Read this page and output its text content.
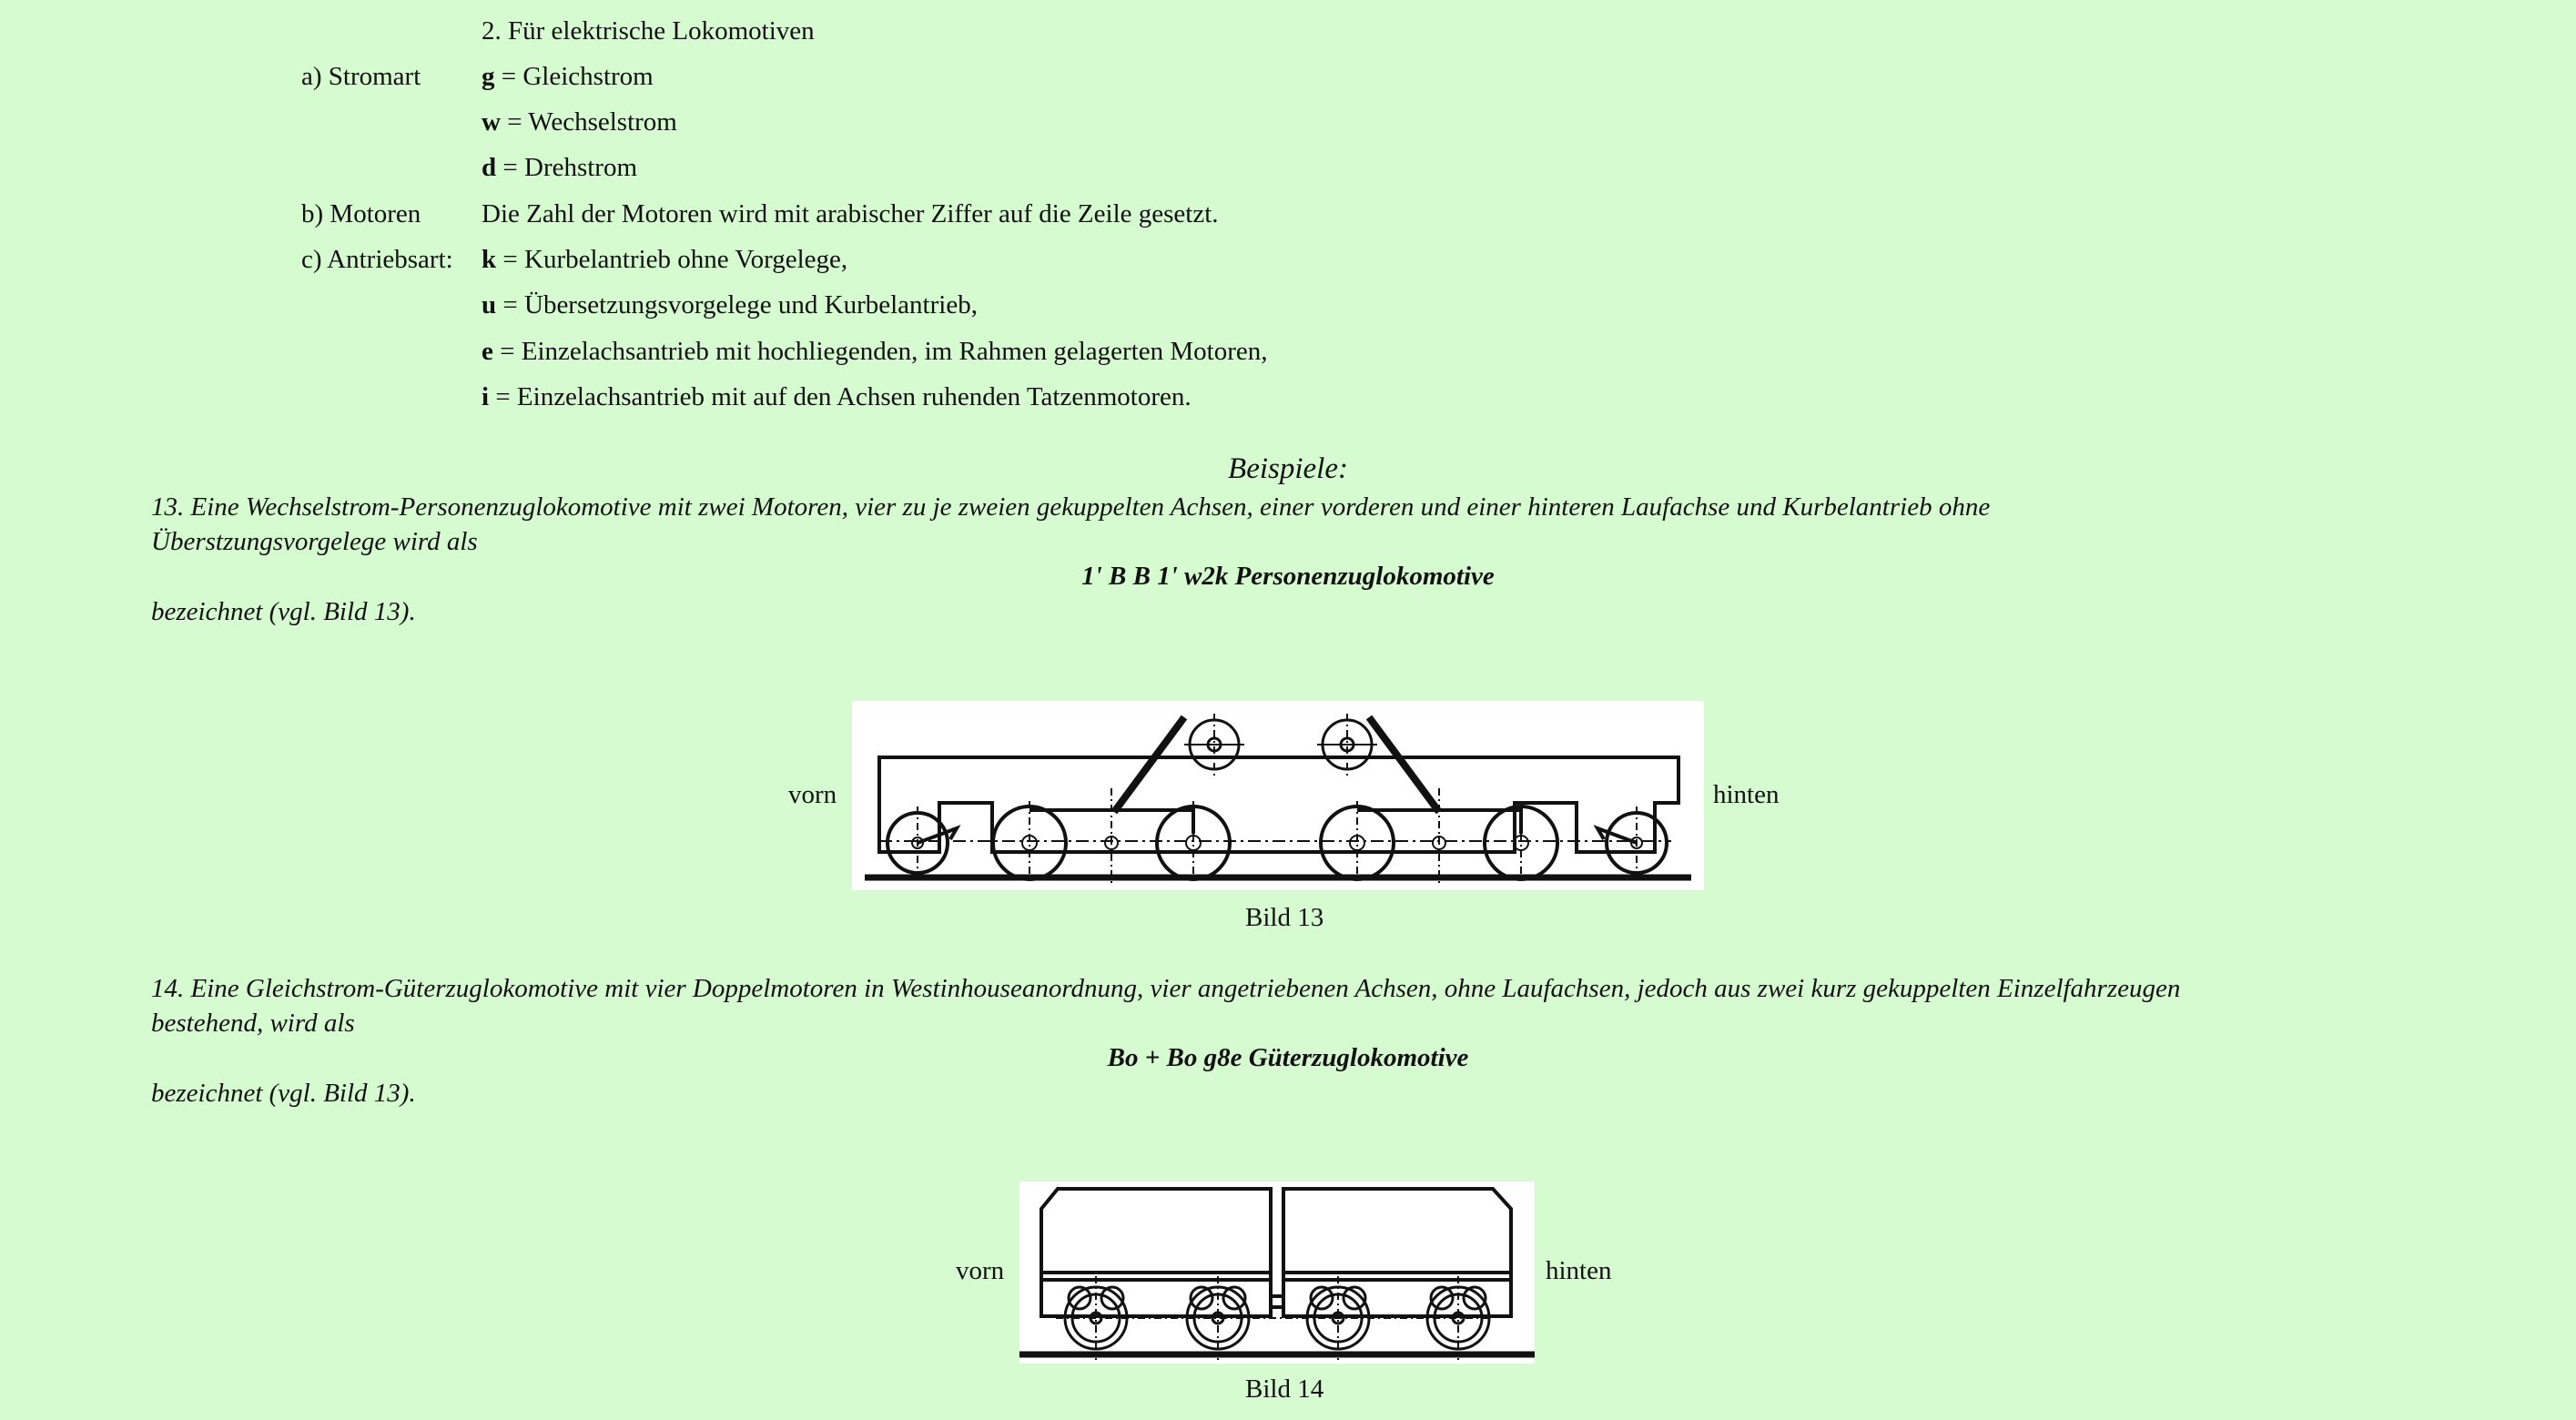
2. Für elektrische Lokomotiven
a) Stromart g = Gleichstrom
w = Wechselstrom
d = Drehstrom
b) Motoren Die Zahl der Motoren wird mit arabischer Ziffer auf die Zeile gesetzt.
c) Antriebsart: k = Kurbelantrieb ohne Vorgelege,
u = Übersetzungsvorgelege und Kurbelantrieb,
e = Einzelachsantrieb mit hochliegenden, im Rahmen gelagerten Motoren,
i = Einzelachsantrieb mit auf den Achsen ruhenden Tatzenmotoren.
Beispiele:
13. Eine Wechselstrom-Personenzuglokomotive mit zwei Motoren, vier zu je zweien gekuppelten Achsen, einer vorderen und einer hinteren Laufachse und Kurbelantrieb ohne
Überstzungsvorgelege wird als
1' B B 1' w2k Personenzuglokomotive
bezeichnet (vgl. Bild 13).
vorn	hinten
Bild 13
14. Eine Gleichstrom-Güterzuglokomotive mit vier Doppelmotoren in Westinhouseanordnung, vier angetriebenen Achsen, ohne Laufachsen, jedoch aus zwei kurz gekuppelten Einzelfahrzeugen
bestehend, wird als
Bo + Bo g8e Güterzuglokomotive
bezeichnet (vgl. Bild 13).
vorn	hinten
Bild 14
